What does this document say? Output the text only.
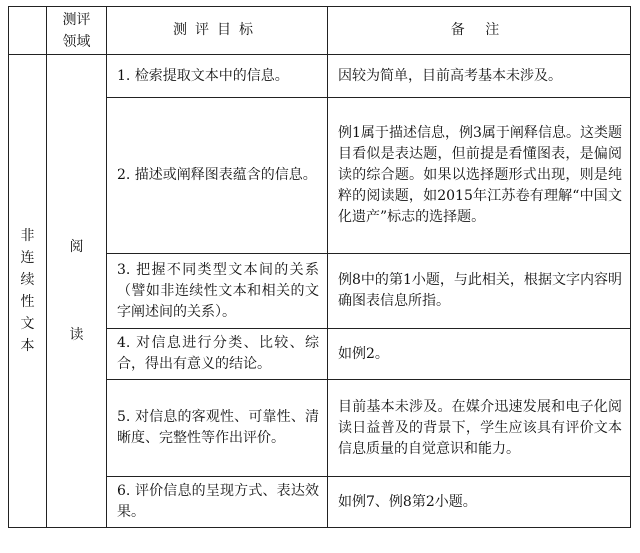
	测评领域	测评目标	备 注
非连续性文本	阅读	1. 检索提取文本中的信息。	因较为简单，目前高考基本未涉及。
		2. 描述或阐释图表蕴含的信息。	例1属于描述信息，例3属于阐释信息。这类题目看似是表达题，但前提是看懂图表，是偏阅读的综合题。如果以选择题形式出现，则是纯粹的阅读题，如2015年江苏卷有理解“中国文化遗产”标志的选择题。
		3. 把握不同类型文本间的关系（譬如非连续性文本和相关的文字阐述间的关系）。	例8中的第1小题，与此相关，根据文字内容明确图表信息所指。
		4. 对信息进行分类、比较、综合，得出有意义的结论。	如例2。
		5. 对信息的客观性、可靠性、清晰度、完整性等作出评价。	目前基本未涉及。在媒介迅速发展和电子化阅读日益普及的背景下，学生应该具有评价文本信息质量的自觉意识和能力。
		6. 评价信息的呈现方式、表达效果。	如例7、例8第2小题。
